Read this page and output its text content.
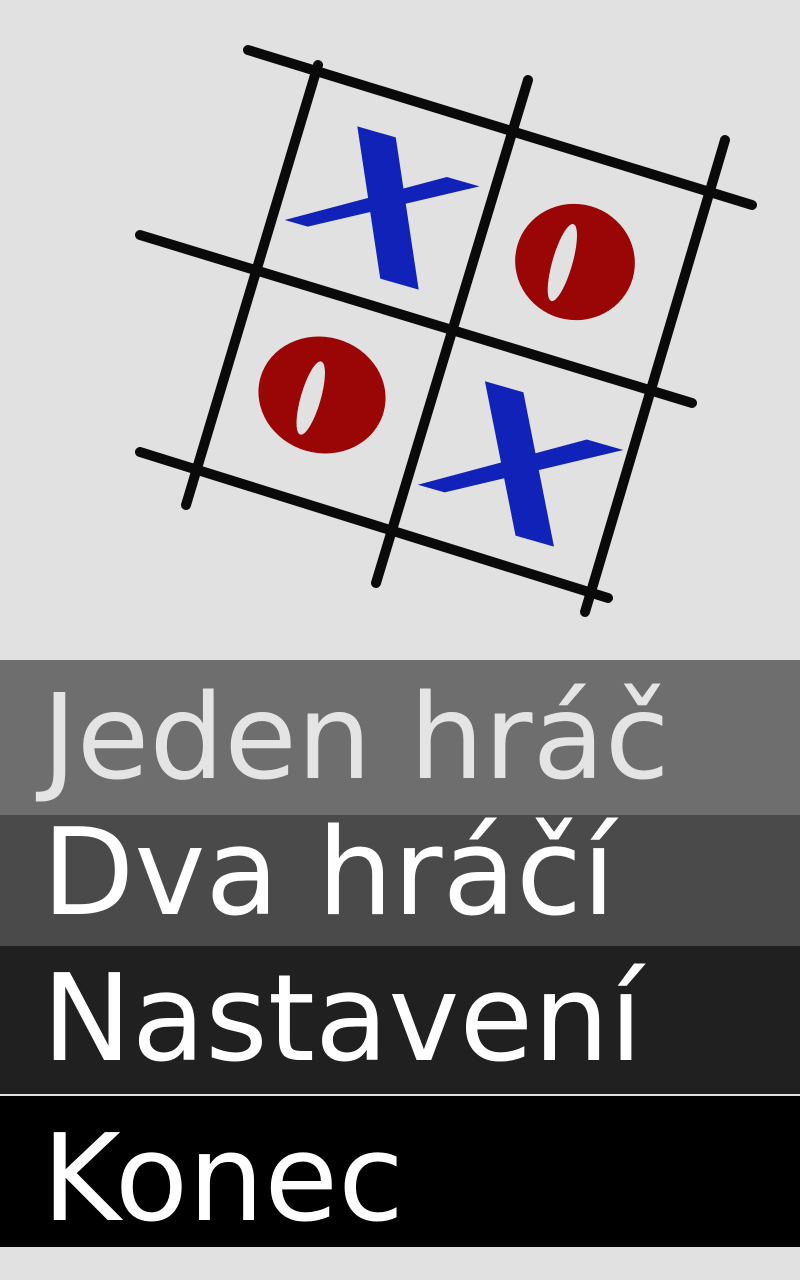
Jeden hráč
Dva hráčí
Nastavení
Konec
